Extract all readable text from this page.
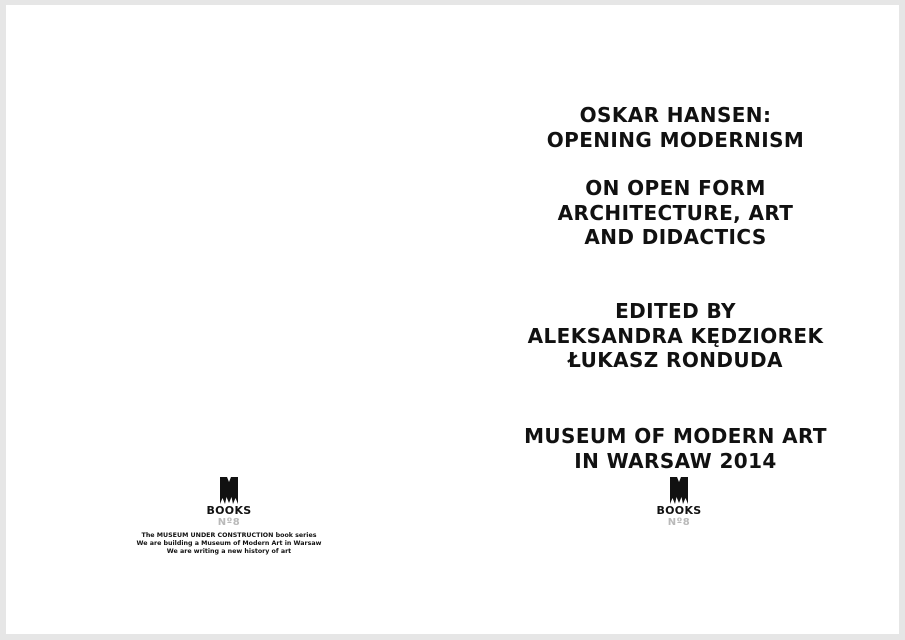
BOOKS
Nº8
The MUSEUM UNDER CONSTRUCTION book series
We are building a Museum of Modern Art in Warsaw
We are writing a new history of art
OSKAR HANSEN:
OPENING MODERNISM
ON OPEN FORM
ARCHITECTURE, ART
AND DIDACTICS
EDITED BY
ALEKSANDRA KĘDZIOREK
ŁUKASZ RONDUDA
MUSEUM OF MODERN ART
IN WARSAW 2014
BOOKS
Nº8
